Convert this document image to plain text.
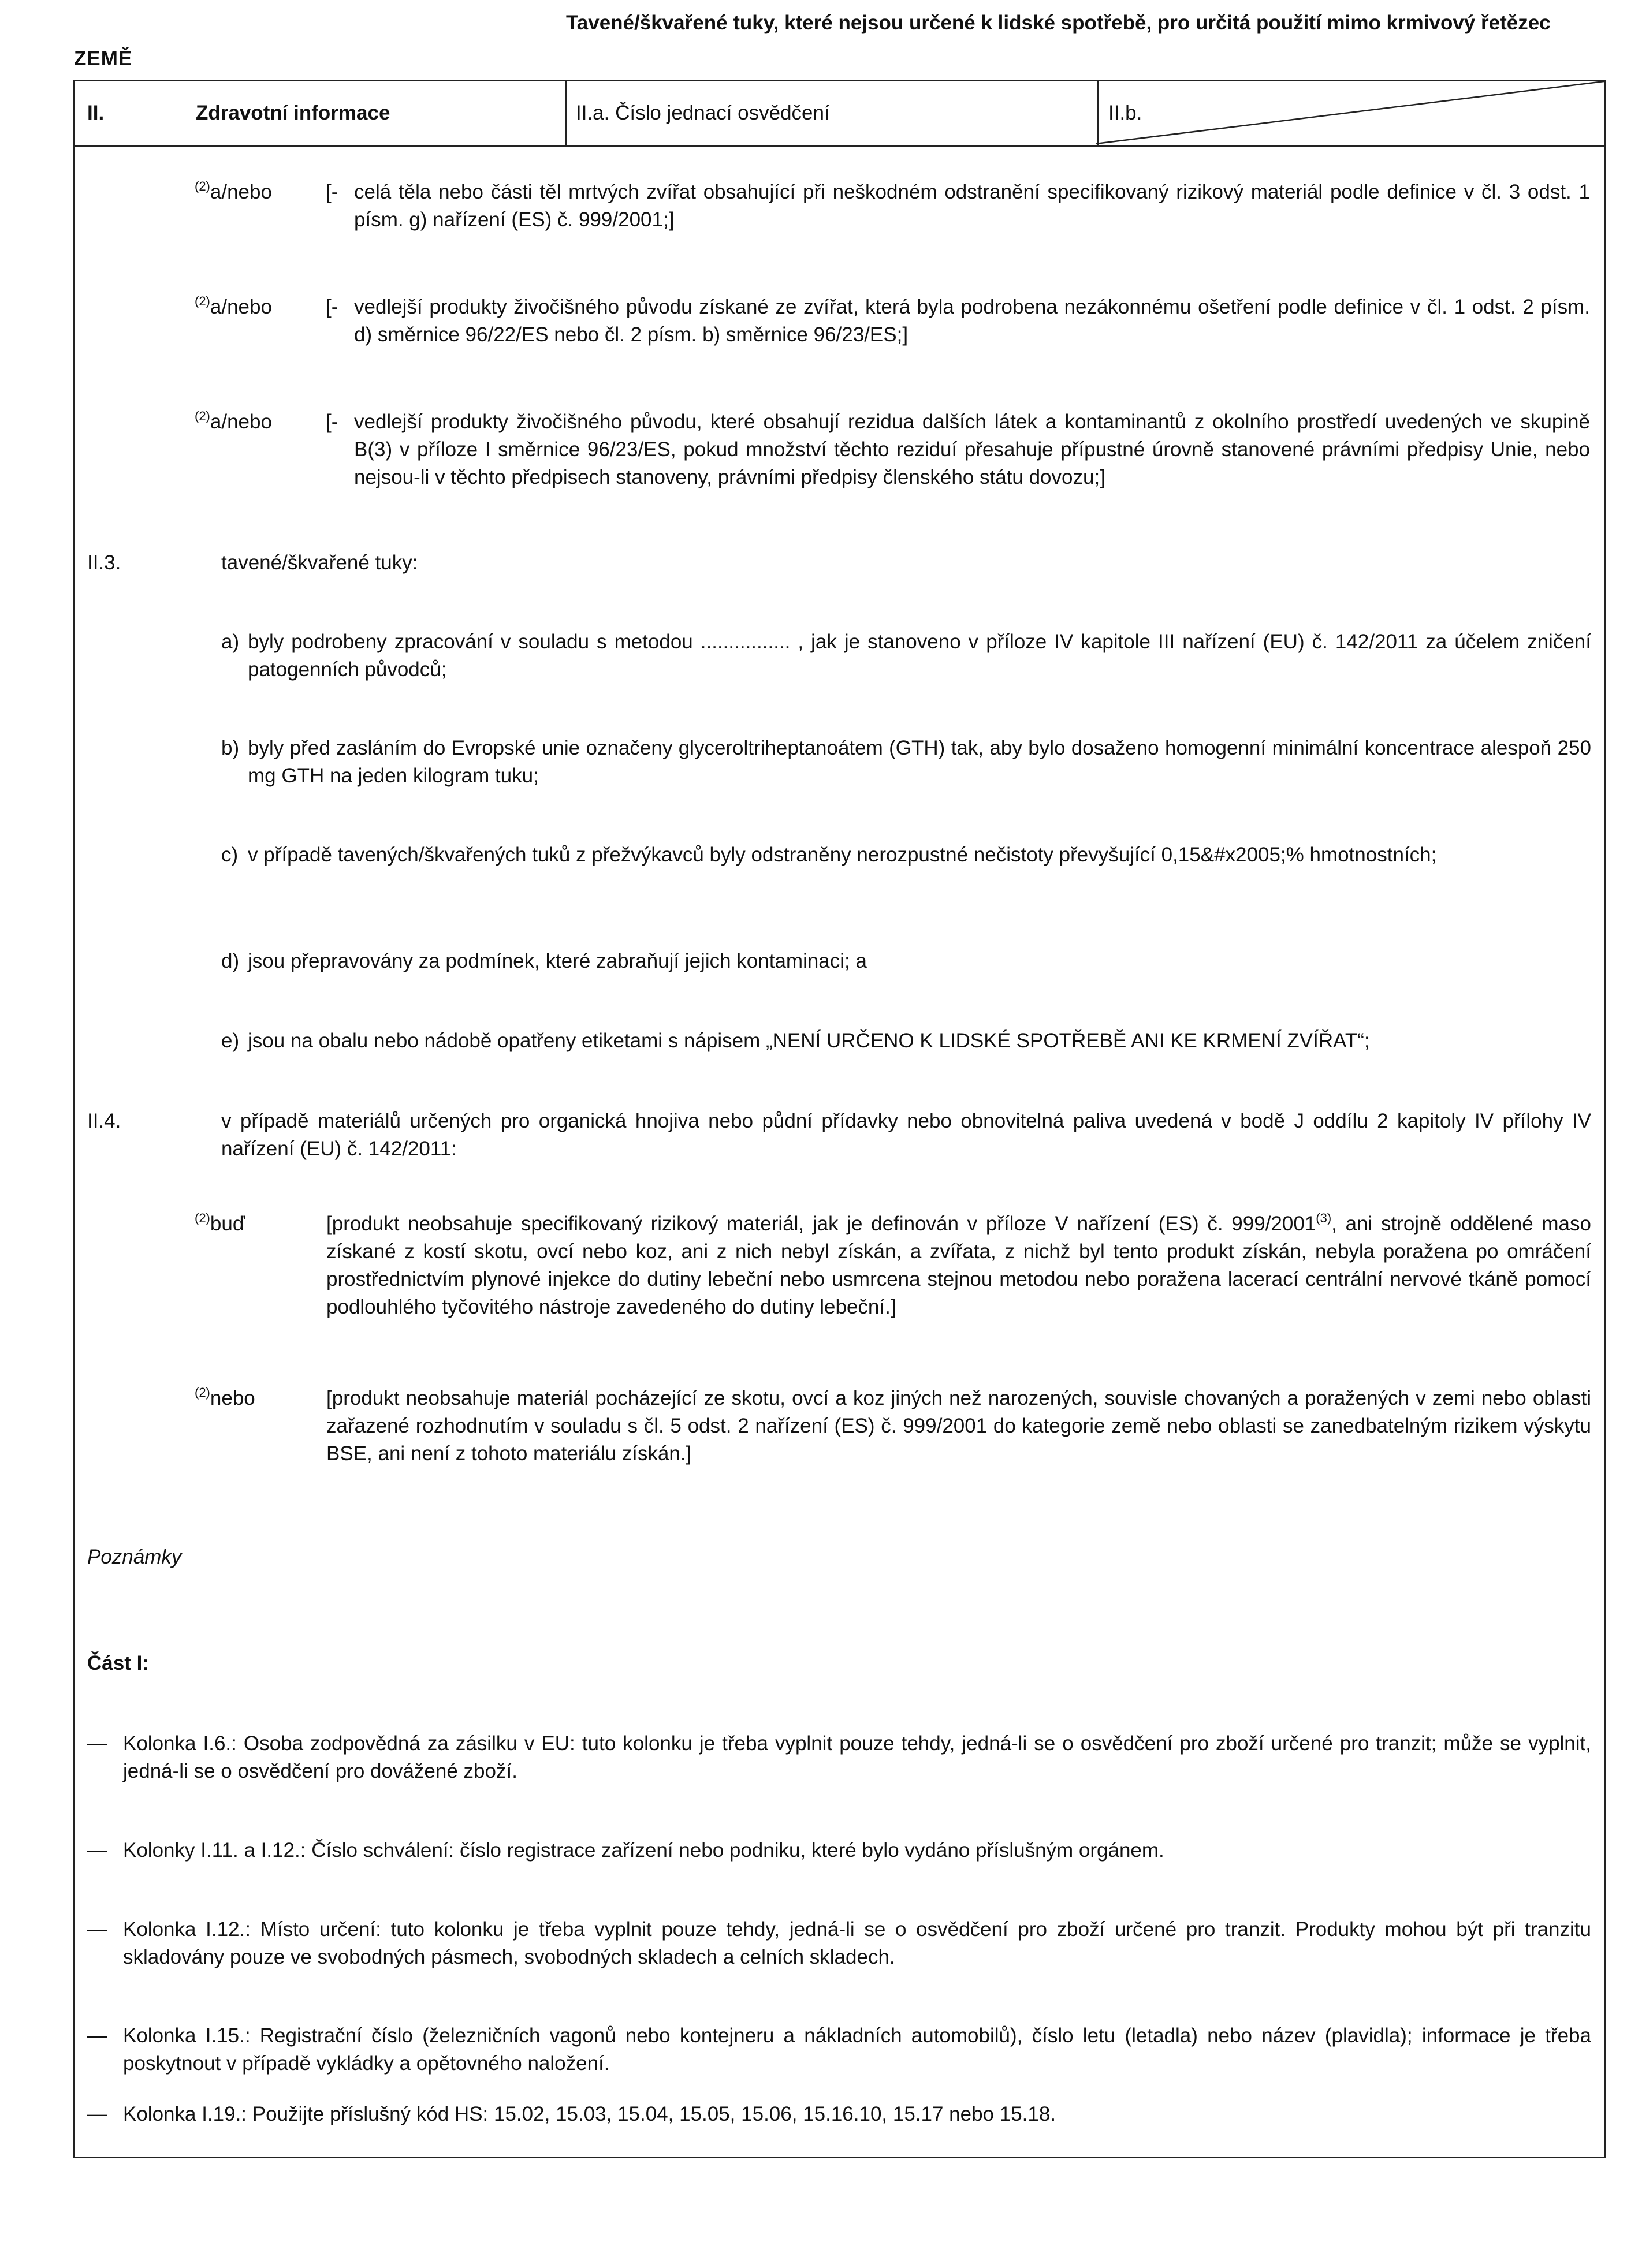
ZEMĚ
Tavené/škvařené tuky, které nejsou určené k lidské spotřebě, pro určitá použití mimo krmivový řetězec
II.	Zdravotní informace	II.a. Číslo jednací osvědčení	II.b.
$^{(2)}$a/nebo	[- celá těla nebo části těl mrtvých zvířat obsahující při neškodném odstranění specifikovaný rizikový materiál podle definice v čl. 3 odst. 1 písm. g) nařízení (ES) č. 999/2001;]
$^{(2)}$a/nebo	[- vedlejší produkty živočišného původu získané ze zvířat, která byla podrobena nezákonnému ošetření podle definice v čl. 1 odst. 2 písm. d) směrnice 96/22/ES nebo čl. 2 písm. b) směrnice 96/23/ES;]
$^{(2)}$a/nebo	[- vedlejší produkty živočišného původu, které obsahují rezidua dalších látek a kontaminantů z okolního prostředí uvedených ve skupině B(3) v příloze I směrnice 96/23/ES, pokud množství těchto reziduí přesahuje přípustné úrovně stanovené právními předpisy Unie, nebo nejsou-li v těchto předpisech stanoveny, právními předpisy členského státu dovozu;]
II.3.	tavené/škvařené tuky:
a) byly podrobeny zpracování v souladu s metodou ................ , jak je stanoveno v příloze IV kapitole III nařízení (EU) č. 142/2011 za účelem zničení patogenních původců;
b) byly před zasláním do Evropské unie označeny glyceroltriheptanoátem (GTH) tak, aby bylo dosaženo homogenní minimální koncentrace alespoň 250 mg GTH na jeden kilogram tuku;
c) v případě tavených/škvařených tuků z přežvýkavců byly odstraněny nerozpustné nečistoty převyšující 0,15&#x2005;% hmotnostních;
d) jsou přepravovány za podmínek, které zabraňují jejich kontaminaci; a
e) jsou na obalu nebo nádobě opatřeny etiketami s nápisem „NENÍ URČENO K LIDSKÉ SPOTŘEBĚ ANI KE KRMENÍ ZVÍŘAT“;
II.4.	v případě materiálů určených pro organická hnojiva nebo půdní přídavky nebo obnovitelná paliva uvedená v bodě J oddílu 2 kapitoly IV přílohy IV nařízení (EU) č. 142/2011:
$^{(2)}$buď	[produkt neobsahuje specifikovaný rizikový materiál, jak je definován v příloze V nařízení (ES) č. 999/2001$^{(3)}$, ani strojně oddělené maso získané z kostí skotu, ovcí nebo koz, ani z nich nebyl získán, a zvířata, z nichž byl tento produkt získán, nebyla poražena po omráčení prostřednictvím plynové injekce do dutiny lebeční nebo usmrcena stejnou metodou nebo poražena lacerací centrální nervové tkáně pomocí podlouhlého tyčovitého nástroje zavedeného do dutiny lebeční.]
$^{(2)}$nebo	[produkt neobsahuje materiál pocházející ze skotu, ovcí a koz jiných než narozených, souvisle chovaných a poražených v zemi nebo oblasti zařazené rozhodnutím v souladu s čl. 5 odst. 2 nařízení (ES) č. 999/2001 do kategorie země nebo oblasti se zanedbatelným rizikem výskytu BSE, ani není z tohoto materiálu získán.]
Poznámky
Část I:
— Kolonka I.6.: Osoba zodpovědná za zásilku v EU: tuto kolonku je třeba vyplnit pouze tehdy, jedná-li se o osvědčení pro zboží určené pro tranzit; může se vyplnit, jedná-li se o osvědčení pro dovážené zboží.
— Kolonky I.11. a I.12.: Číslo schválení: číslo registrace zařízení nebo podniku, které bylo vydáno příslušným orgánem.
— Kolonka I.12.: Místo určení: tuto kolonku je třeba vyplnit pouze tehdy, jedná-li se o osvědčení pro zboží určené pro tranzit. Produkty mohou být při tranzitu skladovány pouze ve svobodných pásmech, svobodných skladech a celních skladech.
— Kolonka I.15.: Registrační číslo (železničních vagonů nebo kontejneru a nákladních automobilů), číslo letu (letadla) nebo název (plavidla); informace je třeba poskytnout v případě vykládky a opětovného naložení.
— Kolonka I.19.: Použijte příslušný kód HS: 15.02, 15.03, 15.04, 15.05, 15.06, 15.16.10, 15.17 nebo 15.18.
